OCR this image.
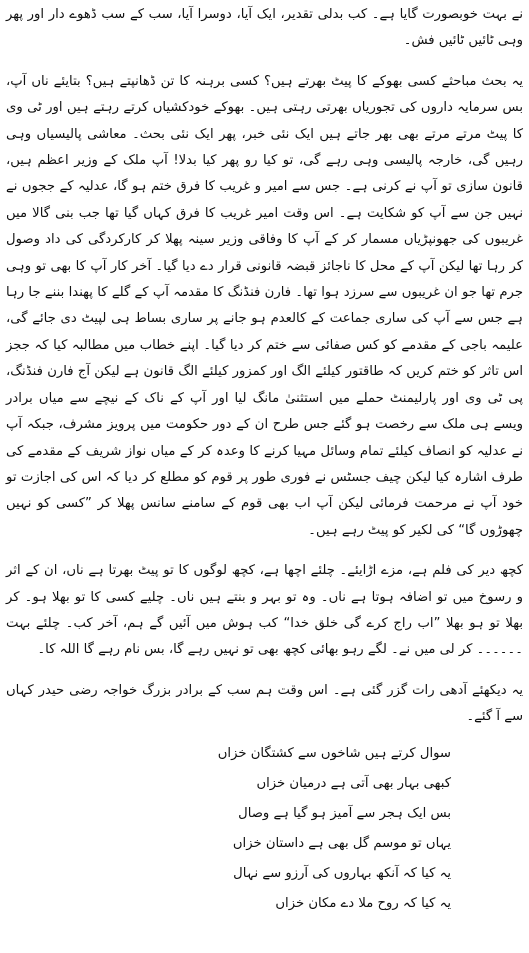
نے بہت خوبصورت گایا ہے۔ کب بدلی تقدیر، ایک آیا، دوسرا آیا، سب کے سب ڈھوے دار اور پھر وہی ٹائیں ٹائیں فش۔

یہ بحث مباحثے کسی بھوکے کا پیٹ بھرتے ہیں؟ کسی برہنہ کا تن ڈھانپتے ہیں؟ بتایئے ناں آپ، بس سرمایہ داروں کی تجوریاں بھرتی رہتی ہیں۔ بھوکے خودکشیاں کرتے رہتے ہیں اور ٹی وی کا پیٹ مرتے مرتے بھی بھر جاتے ہیں ایک نئی خبر، پھر ایک نئی بحث۔ معاشی پالیسیاں وہی رہیں گی، خارجہ پالیسی وہی رہے گی، تو کیا رو پھر کیا بدلا! آپ ملک کے وزیر اعظم ہیں، قانون سازی تو آپ نے کرنی ہے۔ جس سے امیر و غریب کا فرق ختم ہو گا، عدلیہ کے ججوں نے نہیں جن سے آپ کو شکایت ہے۔ اس وقت امیر غریب کا فرق کہاں گیا تھا جب بنی گالا میں غریبوں کی جھونپڑیاں مسمار کر کے آپ کا وفاقی وزیر سینہ پھلا کر کارکردگی کی داد وصول کر رہا تھا لیکن آپ کے محل کا ناجائز قبضہ قانونی قرار دے دیا گیا۔ آخر کار آپ کا بھی تو وہی جرم تھا جو ان غریبوں سے سرزد ہوا تھا۔ فارن فنڈنگ کا مقدمہ آپ کے گلے کا پھندا بننے جا رہا ہے جس سے آپ کی ساری جماعت کے کالعدم ہو جانے پر ساری بساط ہی لپیٹ دی جائے گی، علیمہ باجی کے مقدمے کو کس صفائی سے ختم کر دیا گیا۔ اپنے خطاب میں مطالبہ کیا کہ ججز اس تاثر کو ختم کریں کہ طاقتور کیلئے الگ اور کمزور کیلئے الگ قانون ہے لیکن آج فارن فنڈنگ، پی ٹی وی اور پارلیمنٹ حملے میں استثنیٰ مانگ لیا اور آپ کے ناک کے نیچے سے میاں برادر ویسے ہی ملک سے رخصت ہو گئے جس طرح ان کے دور حکومت میں پرویز مشرف، جبکہ آپ نے عدلیہ کو انصاف کیلئے تمام وسائل مہیا کرنے کا وعدہ کر کے میاں نواز شریف کے مقدمے کی طرف اشارہ کیا لیکن چیف جسٹس نے فوری طور پر قوم کو مطلع کر دیا کہ اس کی اجازت تو خود آپ نے مرحمت فرمائی لیکن آپ اب بھی قوم کے سامنے سانس پھلا کر ”کسی کو نہیں چھوڑوں گا“ کی لکیر کو پیٹ رہے ہیں۔

کچھ دیر کی فلم ہے، مزے اڑایئے۔ چلئے اچھا ہے، کچھ لوگوں کا تو پیٹ بھرتا ہے ناں، ان کے اثر و رسوخ میں تو اضافہ ہوتا ہے ناں۔ وہ تو بہر و بنتے ہیں ناں۔ چلیے کسی کا تو بھلا ہو۔ کر بھلا تو ہو بھلا ”اب راج کرے گی خلق خدا“ کب ہوش میں آئیں گے ہم، آخر کب۔ چلئے بہت ۔۔۔۔۔۔ کر لی میں نے۔ لگے رہو بھائی کچھ بھی تو نہیں رہے گا، بس نام رہے گا اللہ کا۔

یہ دیکھئے آدھی رات گزر گئی ہے۔ اس وقت ہم سب کے برادر بزرگ خواجہ رضی حیدر کہاں سے آ گئے۔

سوال کرتے ہیں شاخوں سے کشتگان خزاں
کبھی بہار بھی آتی ہے درمیان خزاں
بس ایک ہجر سے آمیز ہو گیا ہے وصال
یہاں تو موسم گل بھی ہے داستان خزاں
یہ کیا کہ آنکھ بہاروں کی آرزو سے نہال
یہ کیا کہ روح ملا دے مکان خزاں
